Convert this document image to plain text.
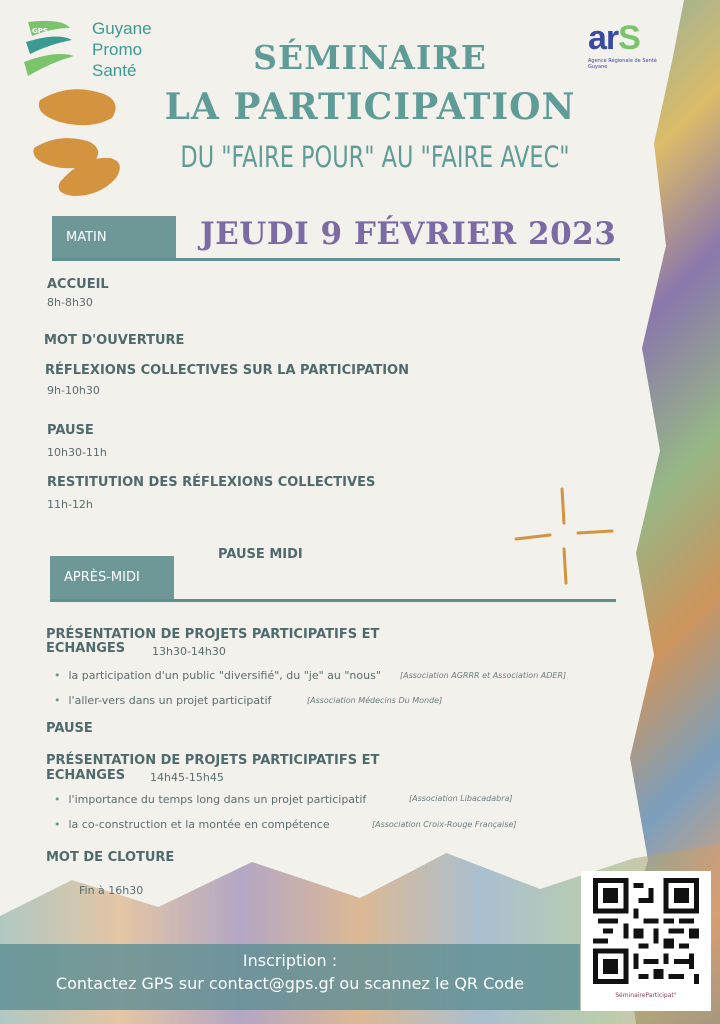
GPS	Guyane
Promo
Santé
arS
Agence Régionale de Santé Guyane
SÉMINAIRE
LA PARTICIPATION
DU "FAIRE POUR" AU "FAIRE AVEC"
MATIN	JEUDI 9 FÉVRIER 2023
ACCUEIL
8h-8h30
MOT D'OUVERTURE
RÉFLEXIONS COLLECTIVES SUR LA PARTICIPATION
9h-10h30
PAUSE
10h30-11h
RESTITUTION DES RÉFLEXIONS COLLECTIVES
11h-12h
PAUSE MIDI
APRÈS-MIDI
PRÉSENTATION DE PROJETS PARTICIPATIFS ET
ECHANGES 13h30-14h30
• la participation d'un public "diversifié", du "je" au "nous" [Association AGRRR et Association ADER]
• l'aller-vers dans un projet participatif	[Association Médecins Du Monde]
PAUSE
PRÉSENTATION DE PROJETS PARTICIPATIFS ET
ECHANGES 14h45-15h45
• l'importance du temps long dans un projet participatif	[Association Libacadabra]
• la co-construction et la montée en compétence	[Association Croix-Rouge Française]
MOT DE CLOTURE
Fin à 16h30
Inscription :
Contactez GPS sur contact@gps.gf ou scannez le QR Code
SéminaireParticipat°
